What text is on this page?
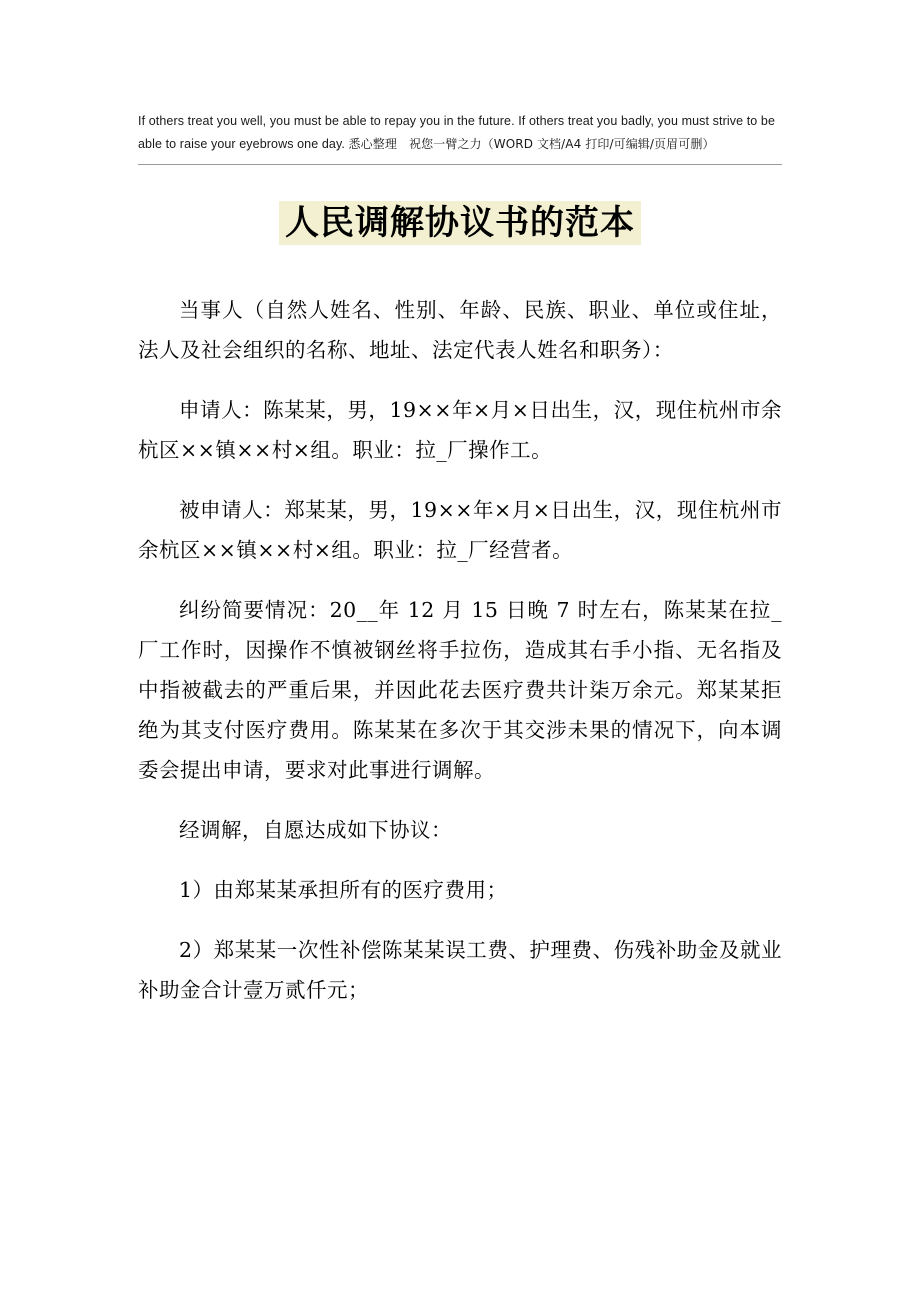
If others treat you well, you must be able to repay you in the future. If others treat you badly, you must strive to be able to raise your eyebrows one day. 悉心整理　祝您一臂之力（WORD 文档/A4 打印/可编辑/页眉可删）
人民调解协议书的范本

当事人（自然人姓名、性别、年龄、民族、职业、单位或住址，法人及社会组织的名称、地址、法定代表人姓名和职务）：

申请人：陈某某，男，19××年×月×日出生，汉，现住杭州市余杭区××镇××村×组。职业：拉_厂操作工。

被申请人：郑某某，男，19××年×月×日出生，汉，现住杭州市余杭区××镇××村×组。职业：拉_厂经营者。

纠纷简要情况：20__年 12 月 15 日晚 7 时左右，陈某某在拉_厂工作时，因操作不慎被钢丝将手拉伤，造成其右手小指、无名指及中指被截去的严重后果，并因此花去医疗费共计柒万余元。郑某某拒绝为其支付医疗费用。陈某某在多次于其交涉未果的情况下，向本调委会提出申请，要求对此事进行调解。

经调解，自愿达成如下协议：

1）由郑某某承担所有的医疗费用；

2）郑某某一次性补偿陈某某误工费、护理费、伤残补助金及就业补助金合计壹万贰仟元；
